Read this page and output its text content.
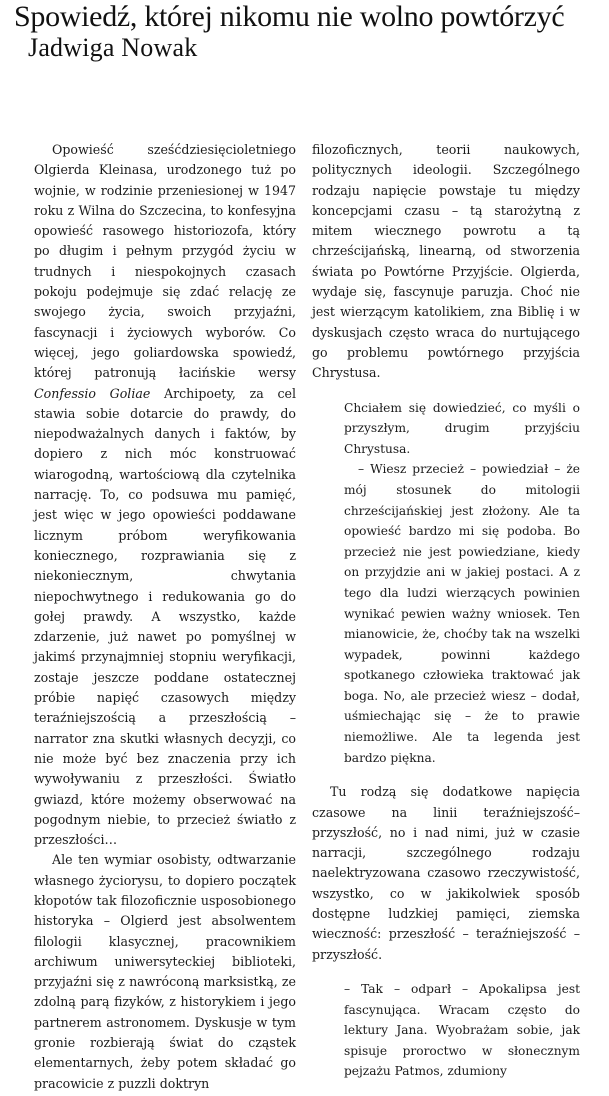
Spowiedź, której nikomu nie wolno powtórzyć
Jadwiga Nowak

Opowieść sześćdziesięcioletniego Olgierda Kleinasa, urodzonego tuż po wojnie, w rodzinie przeniesionej w 1947 roku z Wilna do Szczecina, to konfesyjna opowieść rasowego historiozofa, który po długim i pełnym przygód życiu w trudnych i niespokojnych czasach pokoju podejmuje się zdać relację ze swojego życia, swoich przyjaźni, fascynacji i życiowych wyborów. Co więcej, jego goliardowska spowiedź, której patronują łacińskie wersy Confessio Goliae Archipoety, za cel stawia sobie dotarcie do prawdy, do niepodważalnych danych i faktów, by dopiero z nich móc konstruować wiarogodną, wartościową dla czytelnika narrację. To, co podsuwa mu pamięć, jest więc w jego opowieści poddawane licznym próbom weryfikowania koniecznego, rozprawiania się z niekoniecznym, chwytania niepochwytnego i redukowania go do gołej prawdy. A wszystko, każde zdarzenie, już nawet po pomyślnej w jakimś przynajmniej stopniu weryfikacji, zostaje jeszcze poddane ostatecznej próbie napięć czasowych między teraźniejszością a przeszłością – narrator zna skutki własnych decyzji, co nie może być bez znaczenia przy ich wywoływaniu z przeszłości. Światło gwiazd, które możemy obserwować na pogodnym niebie, to przecież światło z przeszłości…

Ale ten wymiar osobisty, odtwarzanie własnego życiorysu, to dopiero początek kłopotów tak filozoficznie usposobionego historyka – Olgierd jest absolwentem filologii klasycznej, pracownikiem archiwum uniwersyteckiej biblioteki, przyjaźni się z nawróconą marksistką, ze zdolną parą fizyków, z historykiem i jego partnerem astronomem. Dyskusje w tym gronie rozbierają świat do cząstek elementarnych, żeby potem składać go pracowicie z puzzli doktryn

filozoficznych, teorii naukowych, politycznych ideologii. Szczególnego rodzaju napięcie powstaje tu między koncepcjami czasu – tą starożytną z mitem wiecznego powrotu a tą chrześcijańską, linearną, od stworzenia świata po Powtórne Przyjście. Olgierda, wydaje się, fascynuje paruzja. Choć nie jest wierzącym katolikiem, zna Biblię i w dyskusjach często wraca do nurtującego go problemu powtórnego przyjścia Chrystusa.

Chciałem się dowiedzieć, co myśli o przyszłym, drugim przyjściu Chrystusa.

– Wiesz przecież – powiedział – że mój stosunek do mitologii chrześcijańskiej jest złożony. Ale ta opowieść bardzo mi się podoba. Bo przecież nie jest powiedziane, kiedy on przyjdzie ani w jakiej postaci. A z tego dla ludzi wierzących powinien wynikać pewien ważny wniosek. Ten mianowicie, że, choćby tak na wszelki wypadek, powinni każdego spotkanego człowieka traktować jak boga. No, ale przecież wiesz – dodał, uśmiechając się – że to prawie niemożliwe. Ale ta legenda jest bardzo piękna.

Tu rodzą się dodatkowe napięcia czasowe na linii teraźniejszość–przyszłość, no i nad nimi, już w czasie narracji, szczególnego rodzaju naelektryzowana czasowo rzeczywistość, wszystko, co w jakikolwiek sposób dostępne ludzkiej pamięci, ziemska wieczność: przeszłość – teraźniejszość – przyszłość.

– Tak – odparł – Apokalipsa jest fascynująca. Wracam często do lektury Jana. Wyobrażam sobie, jak spisuje proroctwo w słonecznym pejzażu Patmos, zdumiony
